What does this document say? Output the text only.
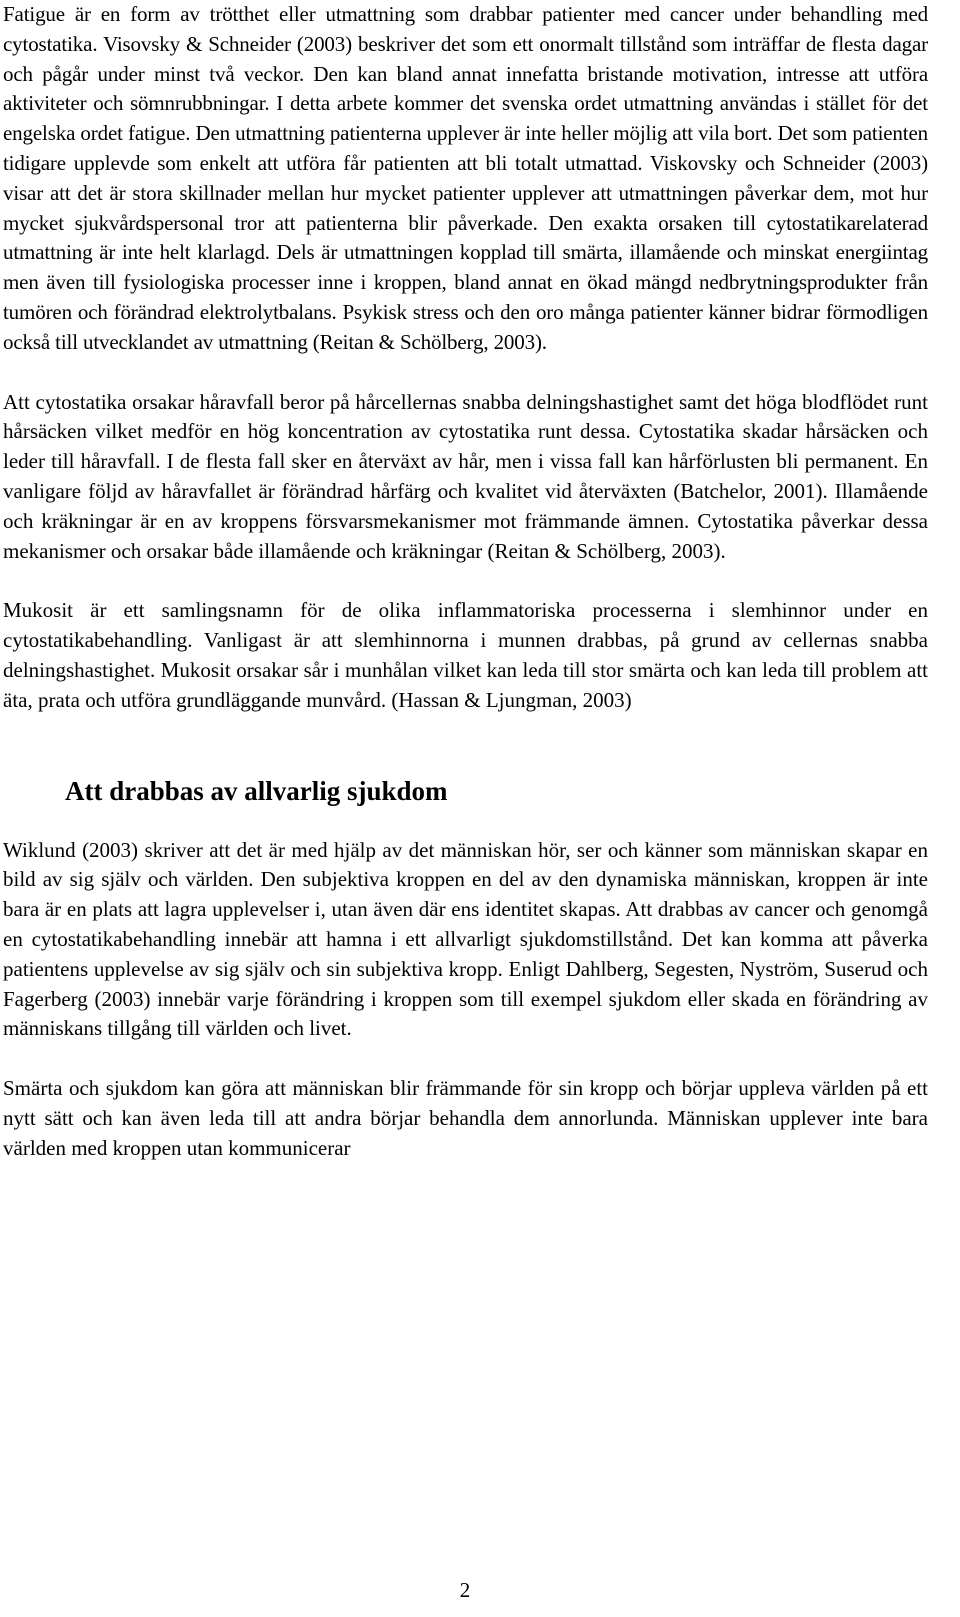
Fatigue är en form av trötthet eller utmattning som drabbar patienter med cancer under behandling med cytostatika. Visovsky & Schneider (2003) beskriver det som ett onormalt tillstånd som inträffar de flesta dagar och pågår under minst två veckor. Den kan bland annat innefatta bristande motivation, intresse att utföra aktiviteter och sömnrubbningar. I detta arbete kommer det svenska ordet utmattning användas i stället för det engelska ordet fatigue. Den utmattning patienterna upplever är inte heller möjlig att vila bort. Det som patienten tidigare upplevde som enkelt att utföra får patienten att bli totalt utmattad. Viskovsky och Schneider (2003) visar att det är stora skillnader mellan hur mycket patienter upplever att utmattningen påverkar dem, mot hur mycket sjukvårdspersonal tror att patienterna blir påverkade. Den exakta orsaken till cytostatikarelaterad utmattning är inte helt klarlagd. Dels är utmattningen kopplad till smärta, illamående och minskat energiintag men även till fysiologiska processer inne i kroppen, bland annat en ökad mängd nedbrytningsprodukter från tumören och förändrad elektrolytbalans. Psykisk stress och den oro många patienter känner bidrar förmodligen också till utvecklandet av utmattning (Reitan & Schölberg, 2003).

Att cytostatika orsakar håravfall beror på hårcellernas snabba delningshastighet samt det höga blodflödet runt hårsäcken vilket medför en hög koncentration av cytostatika runt dessa. Cytostatika skadar hårsäcken och leder till håravfall. I de flesta fall sker en återväxt av hår, men i vissa fall kan hårförlusten bli permanent. En vanligare följd av håravfallet är förändrad hårfärg och kvalitet vid återväxten (Batchelor, 2001). Illamående och kräkningar är en av kroppens försvarsmekanismer mot främmande ämnen. Cytostatika påverkar dessa mekanismer och orsakar både illamående och kräkningar (Reitan & Schölberg, 2003).

Mukosit är ett samlingsnamn för de olika inflammatoriska processerna i slemhinnor under en cytostatikabehandling. Vanligast är att slemhinnorna i munnen drabbas, på grund av cellernas snabba delningshastighet. Mukosit orsakar sår i munhålan vilket kan leda till stor smärta och kan leda till problem att äta, prata och utföra grundläggande munvård. (Hassan & Ljungman, 2003)

Att drabbas av allvarlig sjukdom

Wiklund (2003) skriver att det är med hjälp av det människan hör, ser och känner som människan skapar en bild av sig själv och världen. Den subjektiva kroppen en del av den dynamiska människan, kroppen är inte bara är en plats att lagra upplevelser i, utan även där ens identitet skapas. Att drabbas av cancer och genomgå en cytostatikabehandling innebär att hamna i ett allvarligt sjukdomstillstånd. Det kan komma att påverka patientens upplevelse av sig själv och sin subjektiva kropp. Enligt Dahlberg, Segesten, Nyström, Suserud och Fagerberg (2003) innebär varje förändring i kroppen som till exempel sjukdom eller skada en förändring av människans tillgång till världen och livet.

Smärta och sjukdom kan göra att människan blir främmande för sin kropp och börjar uppleva världen på ett nytt sätt och kan även leda till att andra börjar behandla dem annorlunda. Människan upplever inte bara världen med kroppen utan kommunicerar

2
